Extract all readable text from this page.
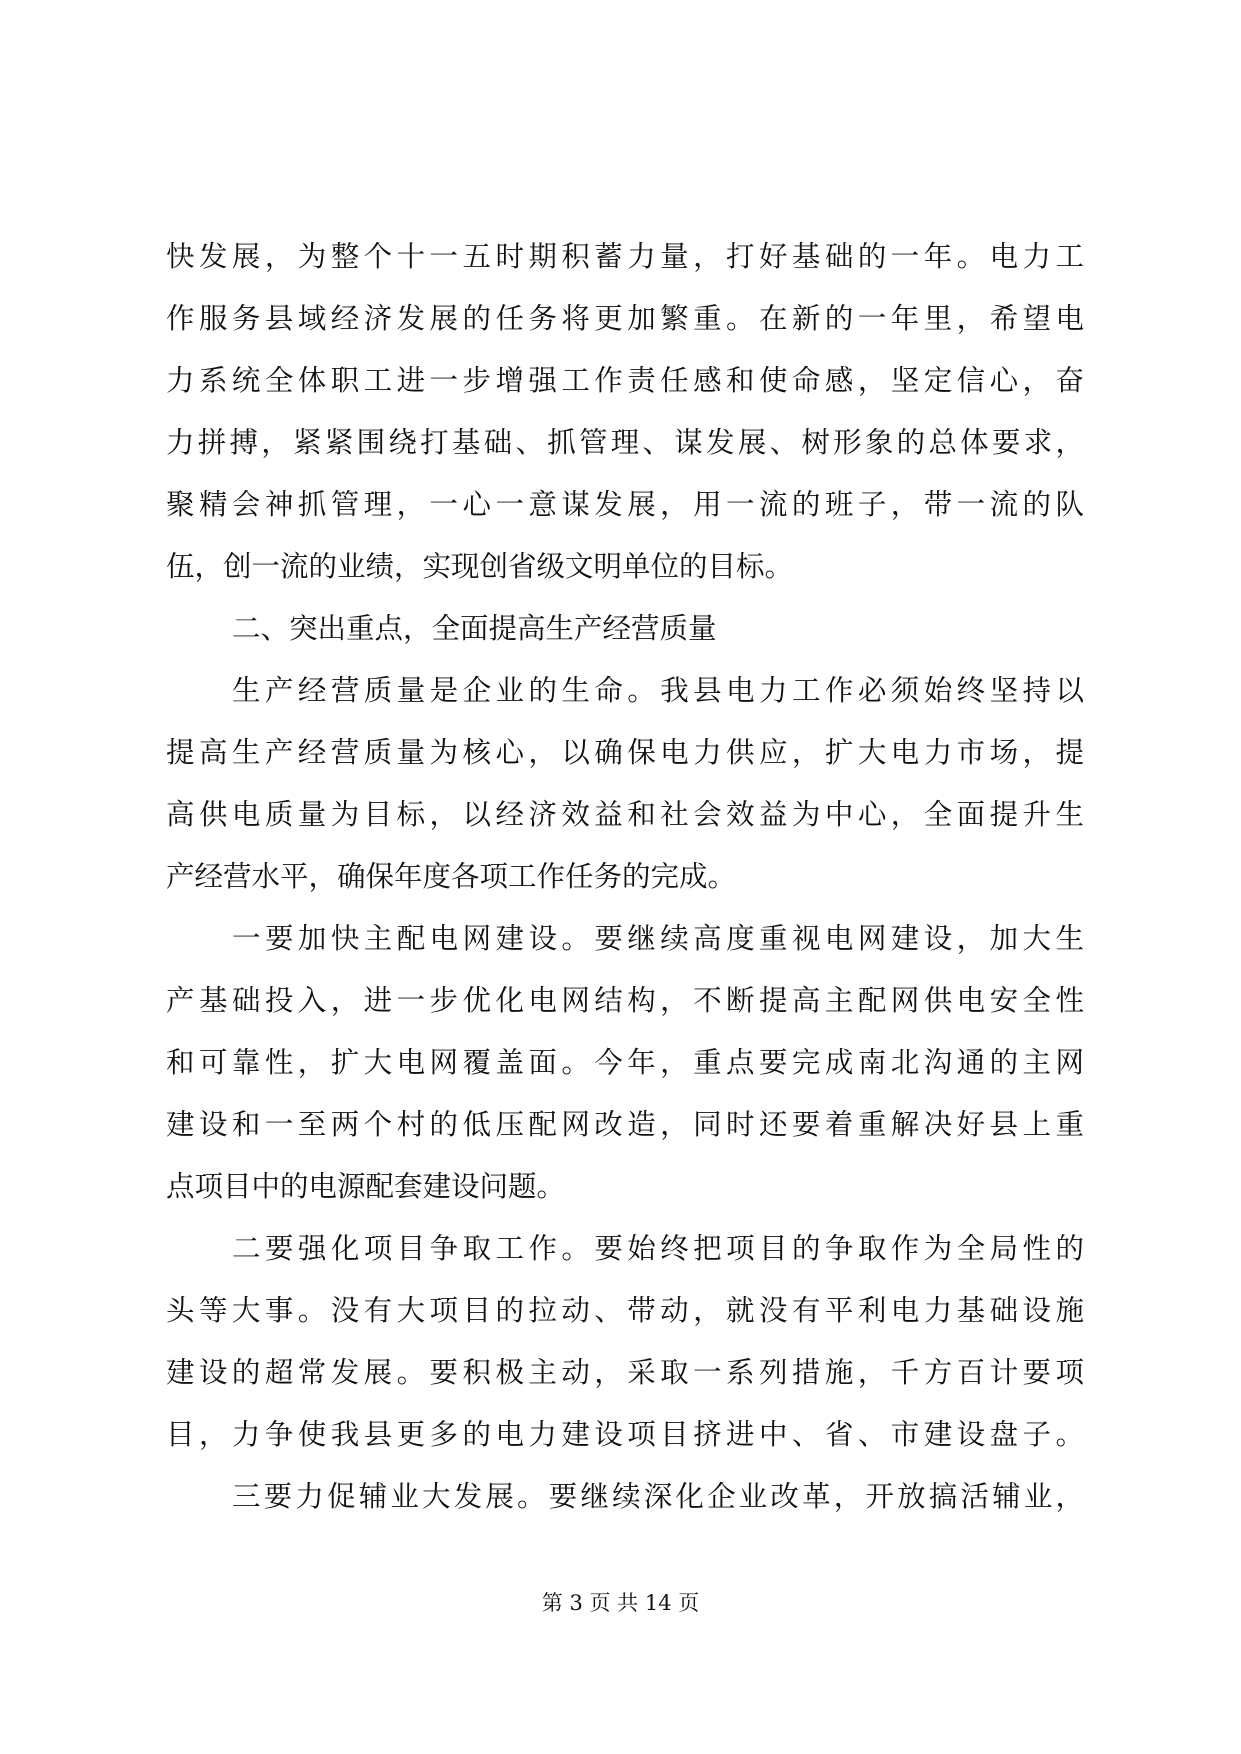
快发展，为整个十一五时期积蓄力量，打好基础的一年。电力工
作服务县域经济发展的任务将更加繁重。在新的一年里，希望电
力系统全体职工进一步增强工作责任感和使命感，坚定信心，奋
力拼搏，紧紧围绕打基础、抓管理、谋发展、树形象的总体要求，
聚精会神抓管理，一心一意谋发展，用一流的班子，带一流的队
伍，创一流的业绩，实现创省级文明单位的目标。
二、突出重点，全面提高生产经营质量
生产经营质量是企业的生命。我县电力工作必须始终坚持以
提高生产经营质量为核心，以确保电力供应，扩大电力市场，提
高供电质量为目标，以经济效益和社会效益为中心，全面提升生
产经营水平，确保年度各项工作任务的完成。
一要加快主配电网建设。要继续高度重视电网建设，加大生
产基础投入，进一步优化电网结构，不断提高主配网供电安全性
和可靠性，扩大电网覆盖面。今年，重点要完成南北沟通的主网
建设和一至两个村的低压配网改造，同时还要着重解决好县上重
点项目中的电源配套建设问题。
二要强化项目争取工作。要始终把项目的争取作为全局性的
头等大事。没有大项目的拉动、带动，就没有平利电力基础设施
建设的超常发展。要积极主动，采取一系列措施，千方百计要项
目，力争使我县更多的电力建设项目挤进中、省、市建设盘子。
三要力促辅业大发展。要继续深化企业改革，开放搞活辅业，
第 3 页 共 14 页
